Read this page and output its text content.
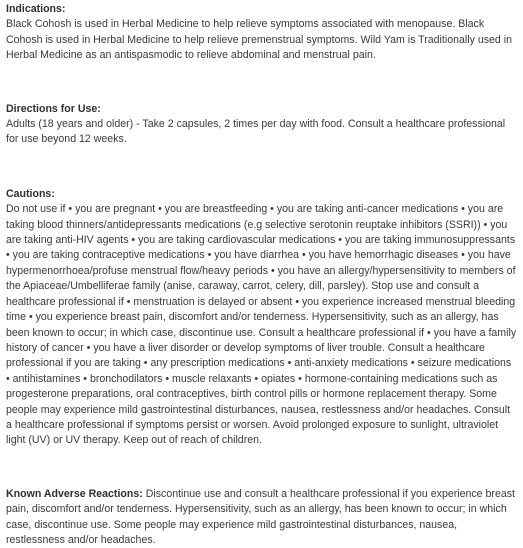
Indications:

Black Cohosh is used in Herbal Medicine to help relieve symptoms associated with menopause. Black Cohosh is used in Herbal Medicine to help relieve premenstrual symptoms. Wild Yam is Traditionally used in Herbal Medicine as an antispasmodic to relieve abdominal and menstrual pain.

Directions for Use:

Adults (18 years and older) - Take 2 capsules, 2 times per day with food. Consult a healthcare professional for use beyond 12 weeks.

Cautions:

Do not use if • you are pregnant • you are breastfeeding • you are taking anti-cancer medications • you are taking blood thinners/antidepressants medications (e.g selective serotonin reuptake inhibitors (SSRI)) • you are taking anti-HIV agents • you are taking cardiovascular medications • you are taking immunosuppressants • you are taking contraceptive medications • you have diarrhea • you have hemorrhagic diseases • you have hypermenorrhoea/profuse menstrual flow/heavy periods • you have an allergy/hypersensitivity to members of the Apiaceae/Umbelliferae family (anise, caraway, carrot, celery, dill, parsley). Stop use and consult a healthcare professional if • menstruation is delayed or absent • you experience increased menstrual bleeding time • you experience breast pain, discomfort and/or tenderness. Hypersensitivity, such as an allergy, has been known to occur; in which case, discontinue use. Consult a healthcare professional if • you have a family history of cancer • you have a liver disorder or develop symptoms of liver trouble. Consult a healthcare professional if you are taking • any prescription medications • anti-anxiety medications • seizure medications • antihistamines • bronchodilators • muscle relaxants • opiates • hormone-containing medications such as progesterone preparations, oral contraceptives, birth control pills or hormone replacement therapy. Some people may experience mild gastrointestinal disturbances, nausea, restlessness and/or headaches. Consult a healthcare professional if symptoms persist or worsen. Avoid prolonged exposure to sunlight, ultraviolet light (UV) or UV therapy. Keep out of reach of children.

Known Adverse Reactions: Discontinue use and consult a healthcare professional if you experience breast pain, discomfort and/or tenderness. Hypersensitivity, such as an allergy, has been known to occur; in which case, discontinue use. Some people may experience mild gastrointestinal disturbances, nausea, restlessness and/or headaches.
